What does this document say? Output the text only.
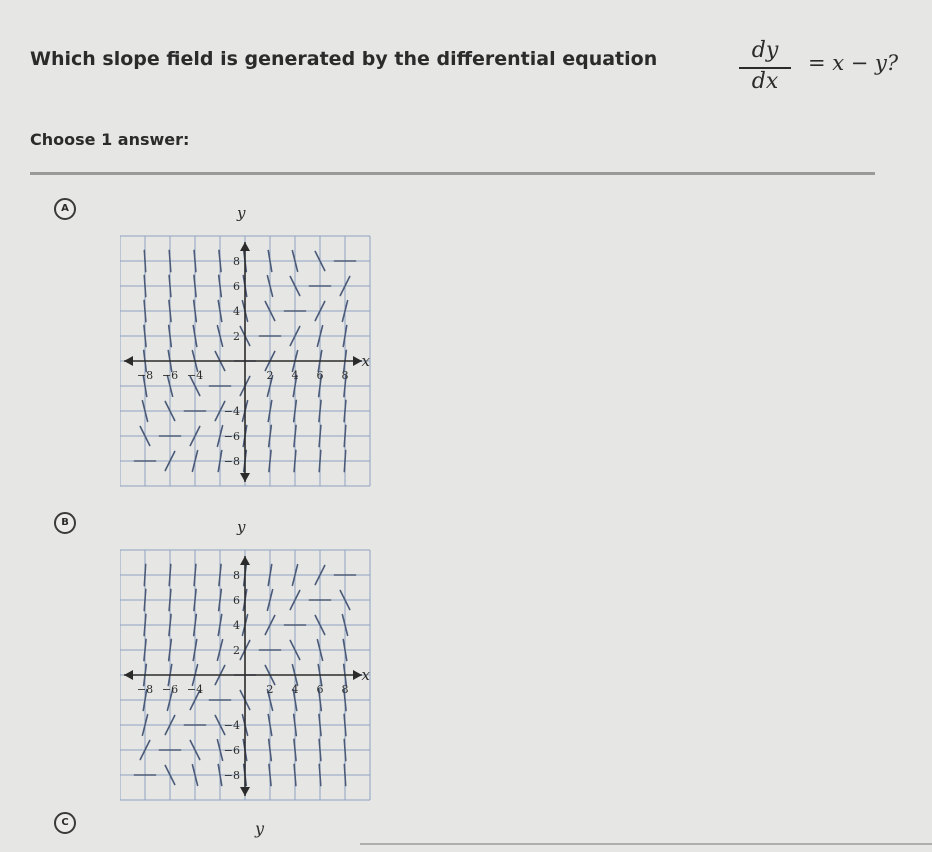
Which slope field is generated by the differential equation	dy
dx
= x − y?
Choose 1 answer:
A	y
x
−8 −6 −4	2 4 6 8
8
6
4
2
−4
−6
−8
B	y
x
−8 −6 −4	2 4 6 8
8
6
4
2
−4
−6
−8
C	y
